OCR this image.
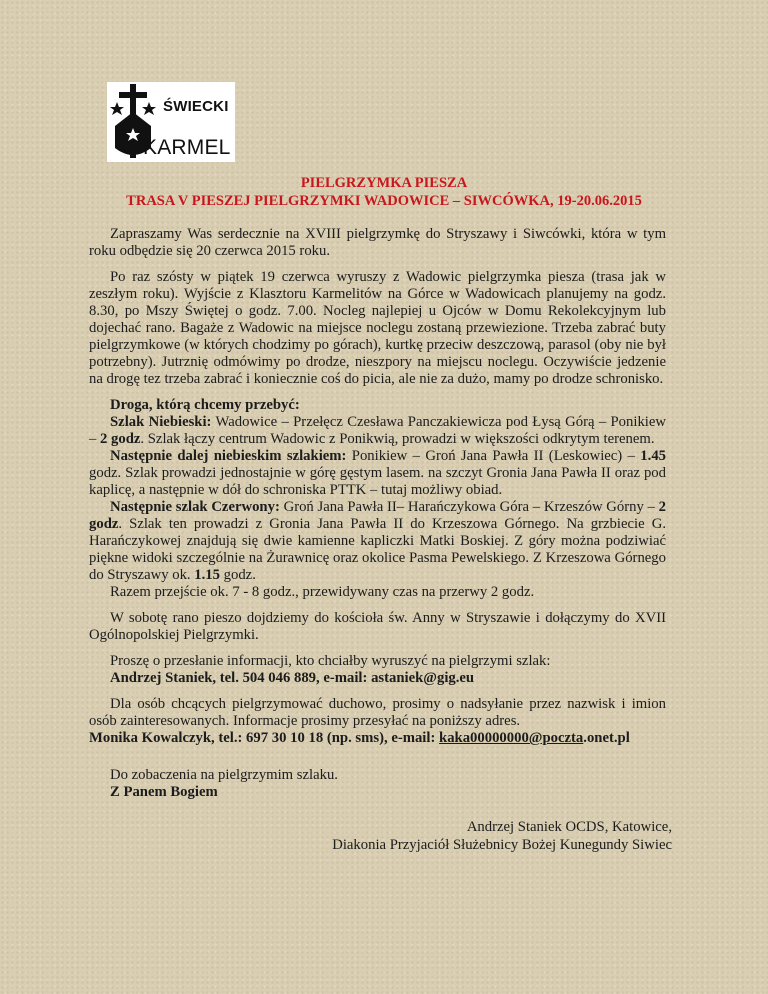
ŚWIECKI
KARMEL
PIELGRZYMKA PIESZA
TRASA V PIESZEJ PIELGRZYMKI WADOWICE – SIWCÓWKA, 19-20.06.2015

Zapraszamy Was serdecznie na XVIII pielgrzymkę do Stryszawy i Siwcówki, która w tym roku odbędzie się 20 czerwca 2015 roku.

Po raz szósty w piątek 19 czerwca wyruszy z Wadowic pielgrzymka piesza (trasa jak w zeszłym roku). Wyjście z Klasztoru Karmelitów na Górce w Wadowicach planujemy na godz. 8.30, po Mszy Świętej o godz. 7.00. Nocleg najlepiej u Ojców w Domu Rekolekcyjnym lub dojechać rano. Bagaże z Wadowic na miejsce noclegu zostaną przewiezione. Trzeba zabrać buty pielgrzymkowe (w których chodzimy po górach), kurtkę przeciw deszczową, parasol (oby nie był potrzebny). Jutrznię odmówimy po drodze, nieszpory na miejscu noclegu. Oczywiście jedzenie na drogę tez trzeba zabrać i koniecznie coś do picia, ale nie za dużo, mamy po drodze schronisko.

Droga, którą chcemy przebyć:

Szlak Niebieski: Wadowice – Przełęcz Czesława Panczakiewicza pod Łysą Górą – Ponikiew – 2 godz. Szlak łączy centrum Wadowic z Ponikwią, prowadzi w większości odkrytym terenem.

Następnie dalej niebieskim szlakiem: Ponikiew – Groń Jana Pawła II (Leskowiec) – 1.45 godz. Szlak prowadzi jednostajnie w górę gęstym lasem. na szczyt Gronia Jana Pawła II oraz pod kaplicę, a następnie w dół do schroniska PTTK – tutaj możliwy obiad.

Następnie szlak Czerwony: Groń Jana Pawła II– Harańczykowa Góra – Krzeszów Górny – 2 godz. Szlak ten prowadzi z Gronia Jana Pawła II do Krzeszowa Górnego. Na grzbiecie G. Harańczykowej znajdują się dwie kamienne kapliczki Matki Boskiej. Z góry można podziwiać piękne widoki szczególnie na Żurawnicę oraz okolice Pasma Pewelskiego. Z Krzeszowa Górnego do Stryszawy ok. 1.15 godz.

Razem przejście ok. 7 - 8 godz., przewidywany czas na przerwy 2 godz.

W sobotę rano pieszo dojdziemy do kościoła św. Anny w Stryszawie i dołączymy do XVII Ogólnopolskiej Pielgrzymki.

Proszę o przesłanie informacji, kto chciałby wyruszyć na pielgrzymi szlak:

Andrzej Staniek, tel. 504 046 889, e-mail: astaniek@gig.eu

Dla osób chcących pielgrzymować duchowo, prosimy o nadsyłanie przez nazwisk i imion osób zainteresowanych. Informacje prosimy przesyłać na poniższy adres.

Monika Kowalczyk, tel.: 697 30 10 18 (np. sms), e-mail: kaka00000000@poczta.onet.pl

Do zobaczenia na pielgrzymim szlaku.

Z Panem Bogiem

Andrzej Staniek OCDS, Katowice,
Diakonia Przyjaciół Służebnicy Bożej Kunegundy Siwiec
